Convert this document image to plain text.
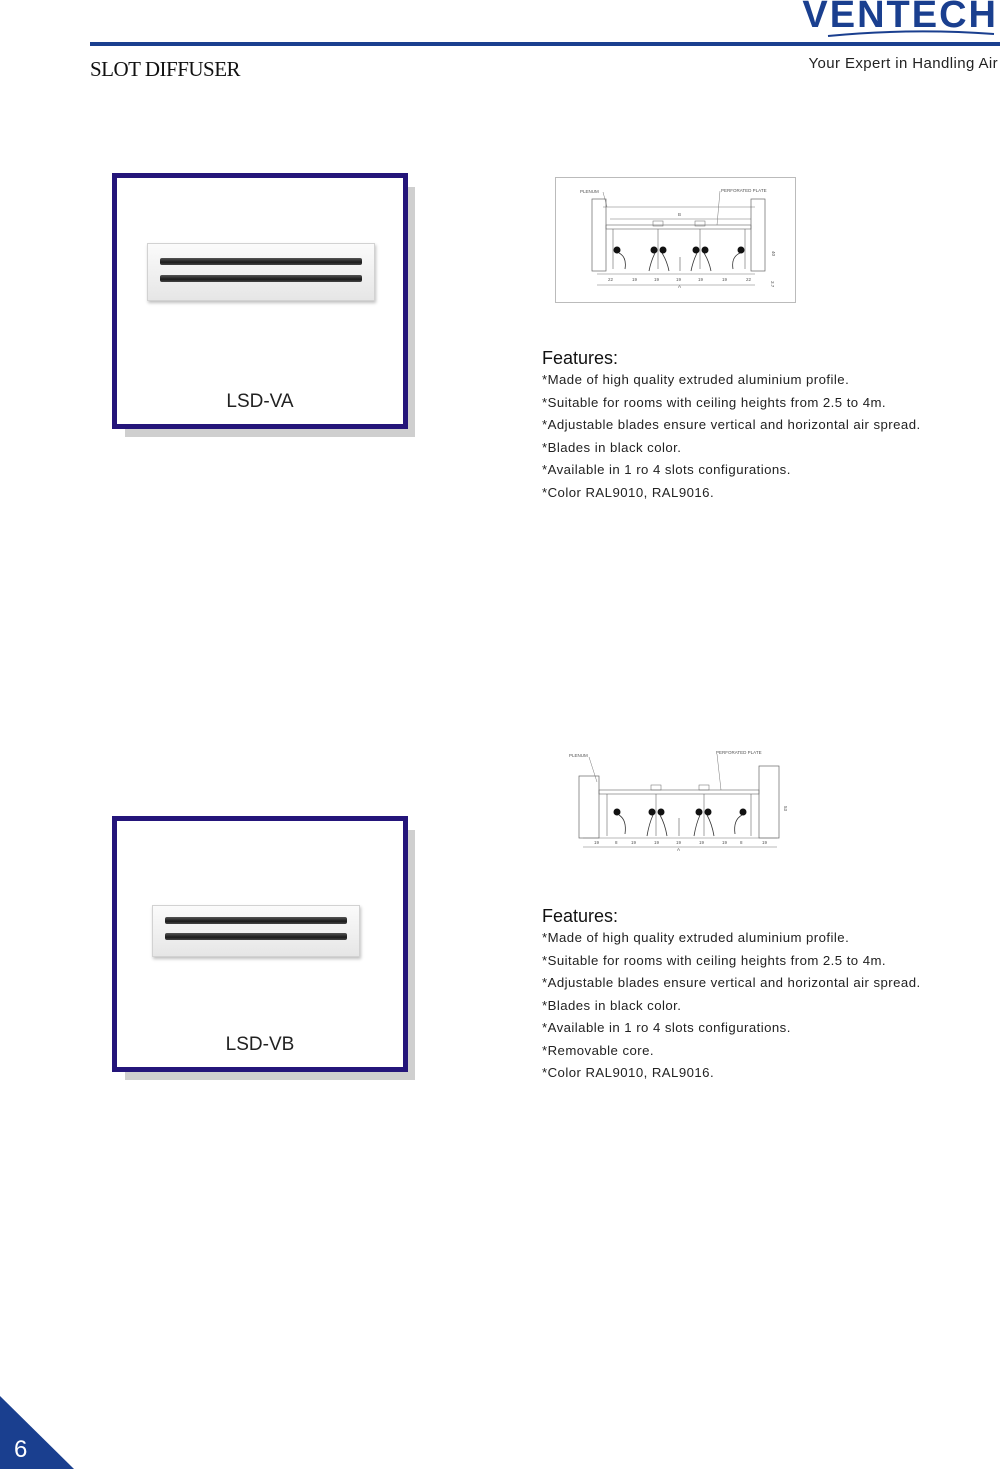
VENTECH
SLOT DIFFUSER	Your Expert in Handling Air
LSD-VA
PLENUM	PERFORATED PLATE
B
22	19	19	19	19	19	22
A
40
3.7
Features:
*Made of high quality extruded aluminium profile.
*Suitable for rooms with ceiling heights from 2.5 to 4m.
*Adjustable blades ensure vertical and horizontal air spread.
*Blades in black color.
*Available in 1 ro 4 slots configurations.
*Color RAL9010, RAL9016.
LSD-VB
PLENUM
PERFORATED PLATE
19	8	19	19	19	19	19	8	19
A
53
Features:
*Made of high quality extruded aluminium profile.
*Suitable for rooms with ceiling heights from 2.5 to 4m.
*Adjustable blades ensure vertical and horizontal air spread.
*Blades in black color.
*Available in 1 ro 4 slots configurations.
*Removable core.
*Color RAL9010, RAL9016.
6
